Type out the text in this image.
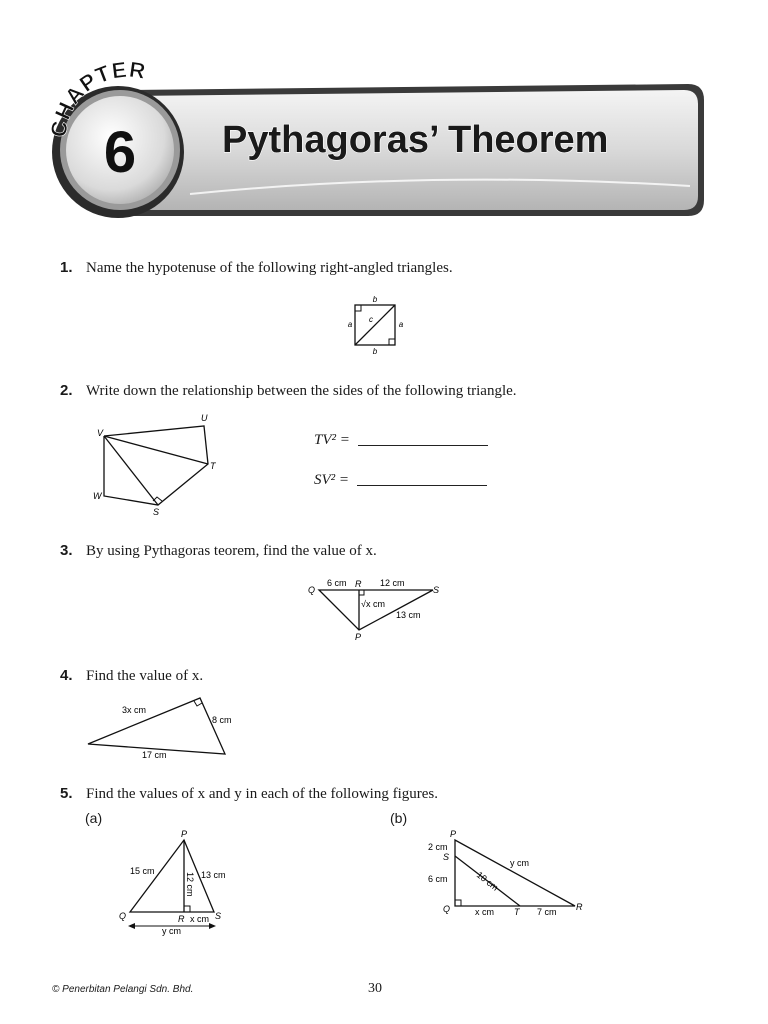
CHAPTER
6 Pythagoras’ Theorem
1. Name the hypotenuse of the following right-angled triangles.
b
b
a	a
c
2. Write down the relationship between the sides of the following triangle.
V
U
T
W
S
TV² =
SV² =
3. By using Pythagoras teorem, find the value of x.
Q
R
S
P
6 cm	12 cm
√x cm
13 cm
4. Find the value of x.
3x cm
8 cm
17 cm
5. Find the values of x and y in each of the following figures.
(a)	(b)
P
Q	R	S
15 cm	13 cm
12 cm
x cm
y cm
P
S
Q	T	R
2 cm
6 cm	10 cm
y cm
x cm	7 cm
© Penerbitan Pelangi Sdn. Bhd.	30
